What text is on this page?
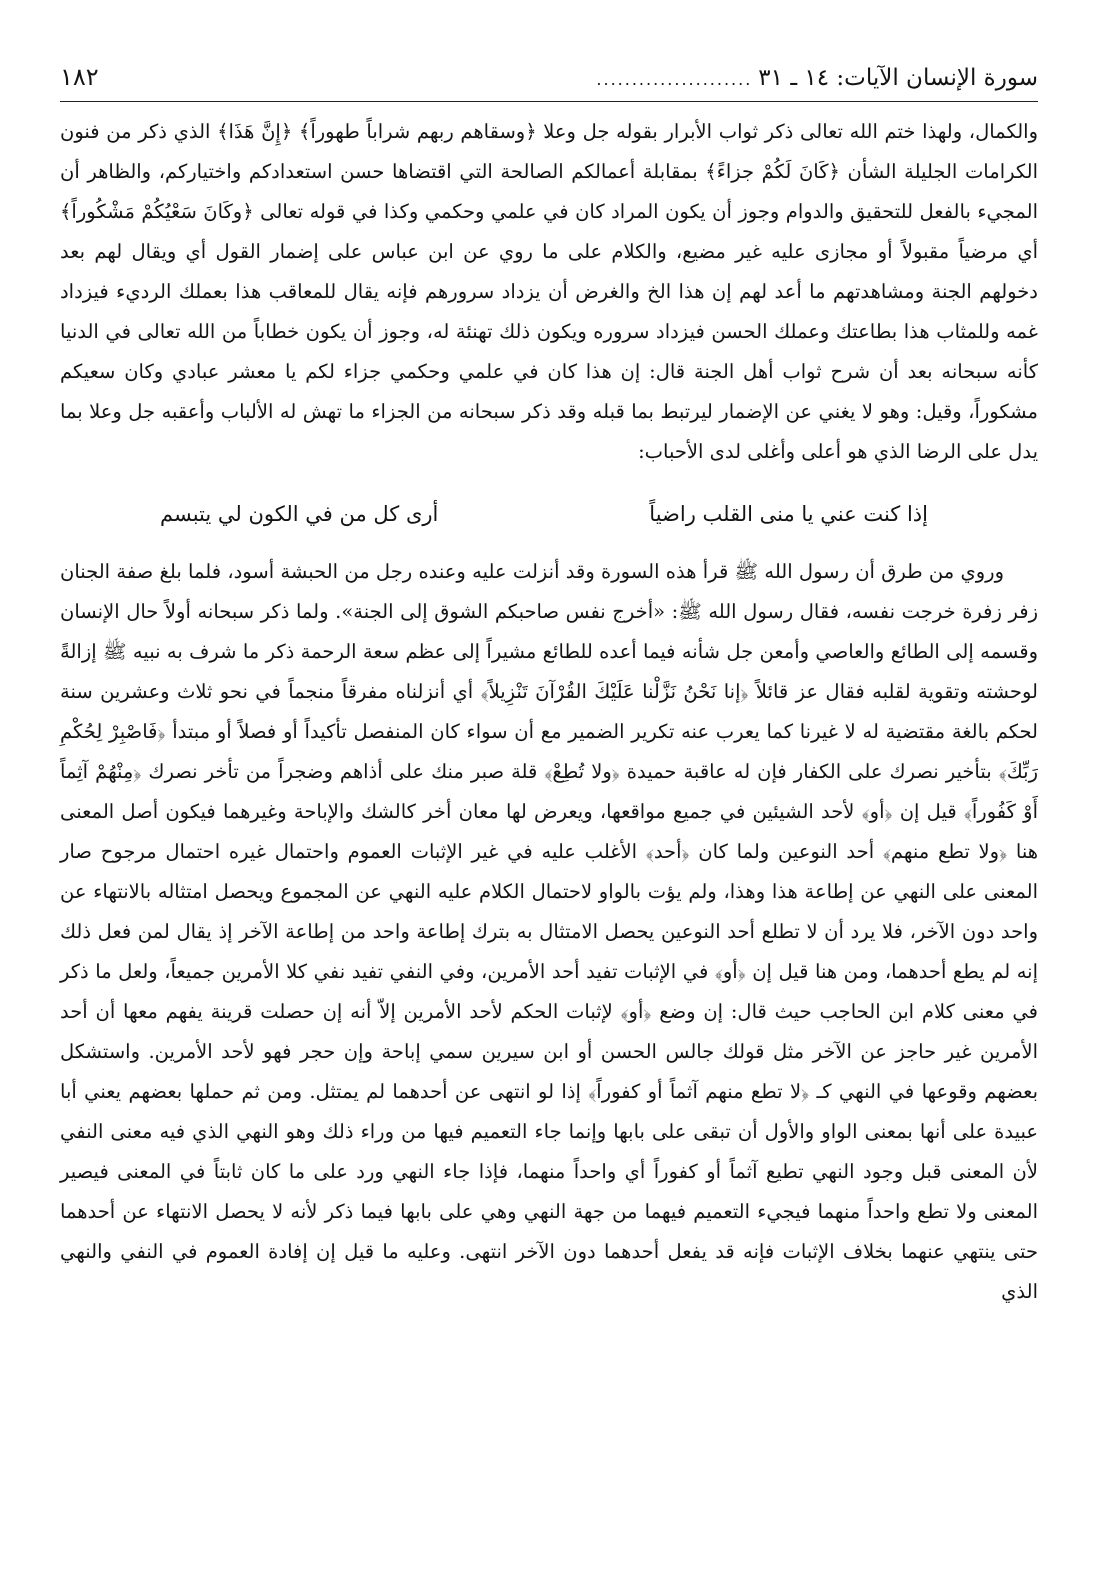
سورة الإنسان الآيات: ١٤ ـ ٣١
......................
١٨٢

والكمال، ولهذا ختم الله تعالى ذكر ثواب الأبرار بقوله جل وعلا ﴿وسقاهم ربهم شراباً طهوراً﴾ ﴿إِنَّ هَذَا﴾ الذي ذكر من فنون الكرامات الجليلة الشأن ﴿كَانَ لَكُمْ جزاءً﴾ بمقابلة أعمالكم الصالحة التي اقتضاها حسن استعدادكم واختياركم، والظاهر أن المجيء بالفعل للتحقيق والدوام وجوز أن يكون المراد كان في علمي وحكمي وكذا في قوله تعالى ﴿وكَانَ سَعْيُكُمْ مَشْكُوراً﴾ أي مرضياً مقبولاً أو مجازى عليه غير مضيع، والكلام على ما روي عن ابن عباس على إضمار القول أي ويقال لهم بعد دخولهم الجنة ومشاهدتهم ما أعد لهم إن هذا الخ والغرض أن يزداد سرورهم فإنه يقال للمعاقب هذا بعملك الرديء فيزداد غمه وللمثاب هذا بطاعتك وعملك الحسن فيزداد سروره ويكون ذلك تهنئة له، وجوز أن يكون خطاباً من الله تعالى في الدنيا كأنه سبحانه بعد أن شرح ثواب أهل الجنة قال: إن هذا كان في علمي وحكمي جزاء لكم يا معشر عبادي وكان سعيكم مشكوراً، وقيل: وهو لا يغني عن الإضمار ليرتبط بما قبله وقد ذكر سبحانه من الجزاء ما تهش له الألباب وأعقبه جل وعلا بما يدل على الرضا الذي هو أعلى وأغلى لدى الأحباب:

إذا كنت عني يا منى القلب راضياً
أرى كل من في الكون لي يتبسم

وروي من طرق أن رسول الله ﷺ قرأ هذه السورة وقد أنزلت عليه وعنده رجل من الحبشة أسود، فلما بلغ صفة الجنان زفر زفرة خرجت نفسه، فقال رسول الله ﷺ: «أخرج نفس صاحبكم الشوق إلى الجنة». ولما ذكر سبحانه أولاً حال الإنسان وقسمه إلى الطائع والعاصي وأمعن جل شأنه فيما أعده للطائع مشيراً إلى عظم سعة الرحمة ذكر ما شرف به نبيه ﷺ إزالةً لوحشته وتقوية لقلبه فقال عز قائلاً ﴿إنا نَحْنُ نَزَّلْنا عَلَيْكَ القُرْآنَ تَنْزِيلاً﴾ أي أنزلناه مفرقاً منجماً في نحو ثلاث وعشرين سنة لحكم بالغة مقتضية له لا غيرنا كما يعرب عنه تكرير الضمير مع أن سواء كان المنفصل تأكيداً أو فصلاً أو مبتدأ ﴿فَاصْبِرْ لِحُكْمِ رَبِّكَ﴾ بتأخير نصرك على الكفار فإن له عاقبة حميدة ﴿ولا تُطِعْ﴾ قلة صبر منك على أذاهم وضجراً من تأخر نصرك ﴿مِنْهُمْ آثِماً أَوْ كَفُوراً﴾ قيل إن ﴿أو﴾ لأحد الشيئين في جميع مواقعها، ويعرض لها معان أخر كالشك والإباحة وغيرهما فيكون أصل المعنى هنا ﴿ولا تطع منهم﴾ أحد النوعين ولما كان ﴿أحد﴾ الأغلب عليه في غير الإثبات العموم واحتمال غيره احتمال مرجوح صار المعنى على النهي عن إطاعة هذا وهذا، ولم يؤت بالواو لاحتمال الكلام عليه النهي عن المجموع ويحصل امتثاله بالانتهاء عن واحد دون الآخر، فلا يرد أن لا تطلع أحد النوعين يحصل الامتثال به بترك إطاعة واحد من إطاعة الآخر إذ يقال لمن فعل ذلك إنه لم يطع أحدهما، ومن هنا قيل إن ﴿أو﴾ في الإثبات تفيد أحد الأمرين، وفي النفي تفيد نفي كلا الأمرين جميعاً، ولعل ما ذكر في معنى كلام ابن الحاجب حيث قال: إن وضع ﴿أو﴾ لإثبات الحكم لأحد الأمرين إلاّ أنه إن حصلت قرينة يفهم معها أن أحد الأمرين غير حاجز عن الآخر مثل قولك جالس الحسن أو ابن سيرين سمي إباحة وإن حجر فهو لأحد الأمرين. واستشكل بعضهم وقوعها في النهي كـ ﴿لا تطع منهم آثماً أو كفوراً﴾ إذا لو انتهى عن أحدهما لم يمتثل. ومن ثم حملها بعضهم يعني أبا عبيدة على أنها بمعنى الواو والأول أن تبقى على بابها وإنما جاء التعميم فيها من وراء ذلك وهو النهي الذي فيه معنى النفي لأن المعنى قبل وجود النهي تطيع آثماً أو كفوراً أي واحداً منهما، فإذا جاء النهي ورد على ما كان ثابتاً في المعنى فيصير المعنى ولا تطع واحداً منهما فيجيء التعميم فيهما من جهة النهي وهي على بابها فيما ذكر لأنه لا يحصل الانتهاء عن أحدهما حتى ينتهي عنهما بخلاف الإثبات فإنه قد يفعل أحدهما دون الآخر انتهى. وعليه ما قيل إن إفادة العموم في النفي والنهي الذي
